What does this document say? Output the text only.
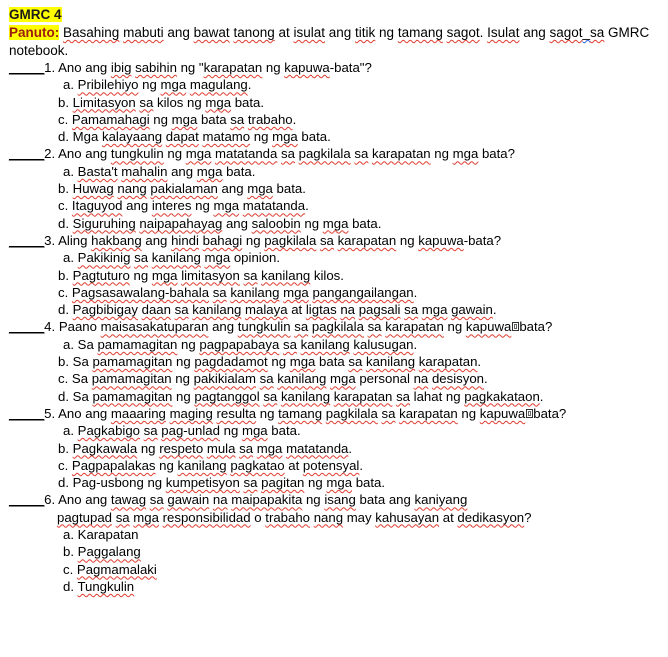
GMRC 4
Panuto: Basahing mabuti ang bawat tanong at isulat ang titik ng tamang sagot. Isulat ang sagot_sa GMRC
notebook.
_____1. Ano ang ibig sabihin ng "karapatan ng kapuwa-bata"?
a. Pribilehiyo ng mga magulang.
b. Limitasyon sa kilos ng mga bata.
c. Pamamahagi ng mga bata sa trabaho.
d. Mga kalayaang dapat matamo ng mga bata.
_____2. Ano ang tungkulin ng mga matatanda sa pagkilala sa karapatan ng mga bata?
a. Basta't mahalin ang mga bata.
b. Huwag nang pakialaman ang mga bata.
c. Itaguyod ang interes ng mga matatanda.
d. Siguruhing naipapahayag ang saloobin ng mga bata.
_____3. Aling hakbang ang hindi bahagi ng pagkilala sa karapatan ng kapuwa-bata?
a. Pakikinig sa kanilang mga opinion.
b. Pagtuturo ng mga limitasyon sa kanilang kilos.
c. Pagsasawalang-bahala sa kanilang mga pangangailangan.
d. Pagbibigay daan sa kanilang malaya at ligtas na pagsali sa mga gawain.
_____4. Paano maisasakatuparan ang tungkulin sa pagkilala sa karapatan ng kapuwa bata?
a. Sa pamamagitan ng pagpapabaya sa kanilang kalusugan.
b. Sa pamamagitan ng pagdadamot ng mga bata sa kanilang karapatan.
c. Sa pamamagitan ng pakikialam sa kanilang mga personal na desisyon.
d. Sa pamamagitan ng pagtanggol sa kanilang karapatan sa lahat ng pagkakataon.
_____5. Ano ang maaaring maging resulta ng tamang pagkilala sa karapatan ng kapuwa bata?
a. Pagkabigo sa pag-unlad ng mga bata.
b. Pagkawala ng respeto mula sa mga matatanda.
c. Pagpapalakas ng kanilang pagkatao at potensyal.
d. Pag-usbong ng kumpetisyon sa pagitan ng mga bata.
_____6. Ano ang tawag sa gawain na maipapakita ng isang bata ang kaniyang
pagtupad sa mga responsibilidad o trabaho nang may kahusayan at dedikasyon?
a. Karapatan
b. Paggalang
c. Pagmamalaki
d. Tungkulin
